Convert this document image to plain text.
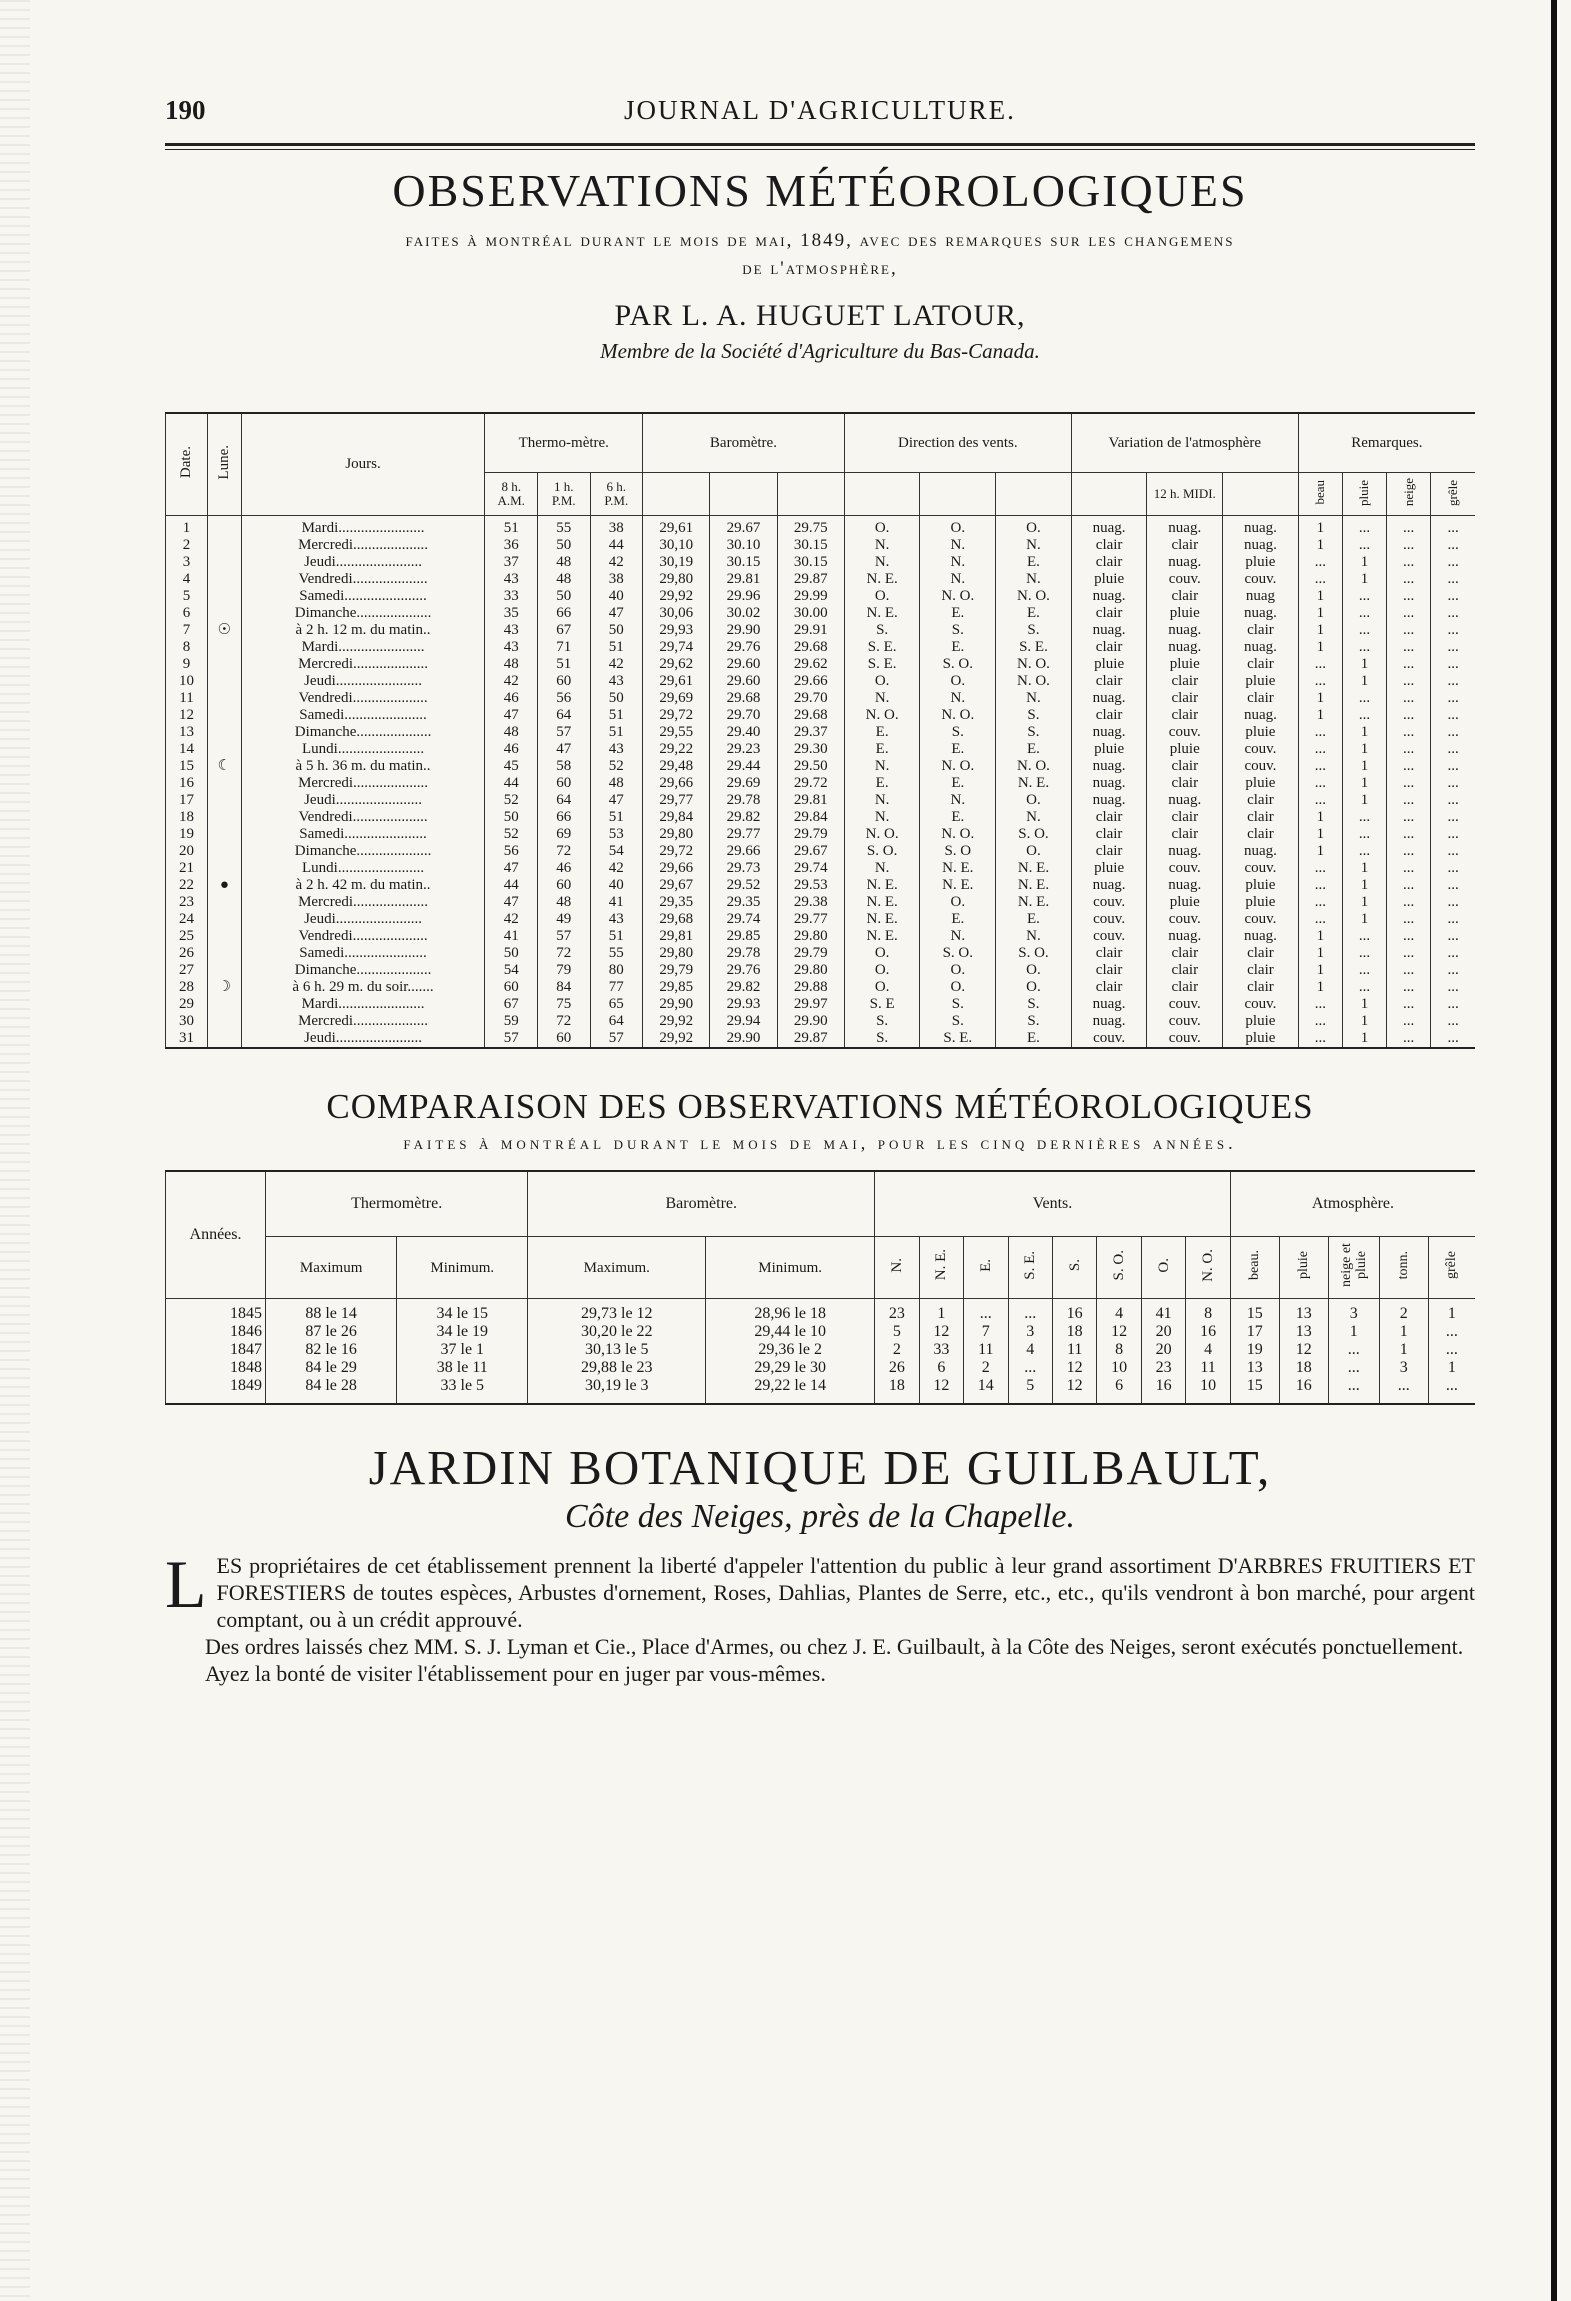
190	JOURNAL D'AGRICULTURE.
OBSERVATIONS MÉTÉOROLOGIQUES
faites à montréal durant le mois de mai, 1849, avec des remarques sur les changemens
de l'atmosphère,
PAR L. A. HUGUET LATOUR,
Membre de la Société d'Agriculture du Bas-Canada.
Date.	Lune.	Jours.	Thermo-mètre.			Baromètre.			Direction des vents.			Variation de l'atmosphère			Remarques.			
			8 h. A.M.	1 h. P.M.	6 h. P.M.								12 h. MIDI.		beau	pluie	neige	grêle
1		Mardi.......................	51	55	38	29,61	29.67	29.75	O.	O.	O.	nuag.	nuag.	nuag.	1	...	...	...
2		Mercredi....................	36	50	44	30,10	30.10	30.15	N.	N.	N.	clair	clair	nuag.	1	...	...	...
3		Jeudi.......................	37	48	42	30,19	30.15	30.15	N.	N.	E.	clair	nuag.	pluie	...	1	...	...
4		Vendredi....................	43	48	38	29,80	29.81	29.87	N. E.	N.	N.	pluie	couv.	couv.	...	1	...	...
5		Samedi......................	33	50	40	29,92	29.96	29.99	O.	N. O.	N. O.	nuag.	clair	nuag	1	...	...	...
6		Dimanche....................	35	66	47	30,06	30.02	30.00	N. E.	E.	E.	clair	pluie	nuag.	1	...	...	...
7	☉	à 2 h. 12 m. du matin..	43	67	50	29,93	29.90	29.91	S.	S.	S.	nuag.	nuag.	clair	1	...	...	...
8		Mardi.......................	43	71	51	29,74	29.76	29.68	S. E.	E.	S. E.	clair	nuag.	nuag.	1	...	...	...
9		Mercredi....................	48	51	42	29,62	29.60	29.62	S. E.	S. O.	N. O.	pluie	pluie	clair	...	1	...	...
10		Jeudi.......................	42	60	43	29,61	29.60	29.66	O.	O.	N. O.	clair	clair	pluie	...	1	...	...
11		Vendredi....................	46	56	50	29,69	29.68	29.70	N.	N.	N.	nuag.	clair	clair	1	...	...	...
12		Samedi......................	47	64	51	29,72	29.70	29.68	N. O.	N. O.	S.	clair	clair	nuag.	1	...	...	...
13		Dimanche....................	48	57	51	29,55	29.40	29.37	E.	S.	S.	nuag.	couv.	pluie	...	1	...	...
14		Lundi.......................	46	47	43	29,22	29.23	29.30	E.	E.	E.	pluie	pluie	couv.	...	1	...	...
15	☾	à 5 h. 36 m. du matin..	45	58	52	29,48	29.44	29.50	N.	N. O.	N. O.	nuag.	clair	couv.	...	1	...	...
16		Mercredi....................	44	60	48	29,66	29.69	29.72	E.	E.	N. E.	nuag.	clair	pluie	...	1	...	...
17		Jeudi.......................	52	64	47	29,77	29.78	29.81	N.	N.	O.	nuag.	nuag.	clair	...	1	...	...
18		Vendredi....................	50	66	51	29,84	29.82	29.84	N.	E.	N.	clair	clair	clair	1	...	...	...
19		Samedi......................	52	69	53	29,80	29.77	29.79	N. O.	N. O.	S. O.	clair	clair	clair	1	...	...	...
20		Dimanche....................	56	72	54	29,72	29.66	29.67	S. O.	S. O	O.	clair	nuag.	nuag.	1	...	...	...
21		Lundi.......................	47	46	42	29,66	29.73	29.74	N.	N. E.	N. E.	pluie	couv.	couv.	...	1	...	...
22	●	à 2 h. 42 m. du matin..	44	60	40	29,67	29.52	29.53	N. E.	N. E.	N. E.	nuag.	nuag.	pluie	...	1	...	...
23		Mercredi....................	47	48	41	29,35	29.35	29.38	N. E.	O.	N. E.	couv.	pluie	pluie	...	1	...	...
24		Jeudi.......................	42	49	43	29,68	29.74	29.77	N. E.	E.	E.	couv.	couv.	couv.	...	1	...	...
25		Vendredi....................	41	57	51	29,81	29.85	29.80	N. E.	N.	N.	couv.	nuag.	nuag.	1	...	...	...
26		Samedi......................	50	72	55	29,80	29.78	29.79	O.	S. O.	S. O.	clair	clair	clair	1	...	...	...
27		Dimanche....................	54	79	80	29,79	29.76	29.80	O.	O.	O.	clair	clair	clair	1	...	...	...
28	☽	à 6 h. 29 m. du soir.......	60	84	77	29,85	29.82	29.88	O.	O.	O.	clair	clair	clair	1	...	...	...
29		Mardi.......................	67	75	65	29,90	29.93	29.97	S. E	S.	S.	nuag.	couv.	couv.	...	1	...	...
30		Mercredi....................	59	72	64	29,92	29.94	29.90	S.	S.	S.	nuag.	couv.	pluie	...	1	...	...
31		Jeudi.......................	57	60	57	29,92	29.90	29.87	S.	S. E.	E.	couv.	couv.	pluie	...	1	...	...
COMPARAISON DES OBSERVATIONS MÉTÉOROLOGIQUES
faites à montréal durant le mois de mai, pour les cinq dernières années.
Années.	Thermomètre.		Baromètre.		Vents.								Atmosphère.				
	Maximum	Minimum.	Maximum.	Minimum.	N.	N. E.	E.	S. E.	S.	S. O.	O.	N. O.	beau.	pluie	neige et pluie	tonn.	grêle
1845	88 le 14	34 le 15	29,73 le 12	28,96 le 18	23	1	...	...	16	4	41	8	15	13	3	2	1
1846	87 le 26	34 le 19	30,20 le 22	29,44 le 10	5	12	7	3	18	12	20	16	17	13	1	1	...
1847	82 le 16	37 le 1	30,13 le 5	29,36 le 2	2	33	11	4	11	8	20	4	19	12	...	1	...
1848	84 le 29	38 le 11	29,88 le 23	29,29 le 30	26	6	2	...	12	10	23	11	13	18	...	3	1
1849	84 le 28	33 le 5	30,19 le 3	29,22 le 14	18	12	14	5	12	6	16	10	15	16	...	...	...
JARDIN BOTANIQUE DE GUILBAULT,
Côte des Neiges, près de la Chapelle.

LES propriétaires de cet établissement prennent la liberté d'appeler l'attention du public à leur grand assortiment D'ARBRES FRUITIERS ET FORESTIERS de toutes espèces, Arbustes d'ornement, Roses, Dahlias, Plantes de Serre, etc., etc., qu'ils vendront à bon marché, pour argent comptant, ou à un crédit approuvé.

Des ordres laissés chez MM. S. J. Lyman et Cie., Place d'Armes, ou chez J. E. Guilbault, à la Côte des Neiges, seront exécutés ponctuellement.

Ayez la bonté de visiter l'établissement pour en juger par vous-mêmes.
